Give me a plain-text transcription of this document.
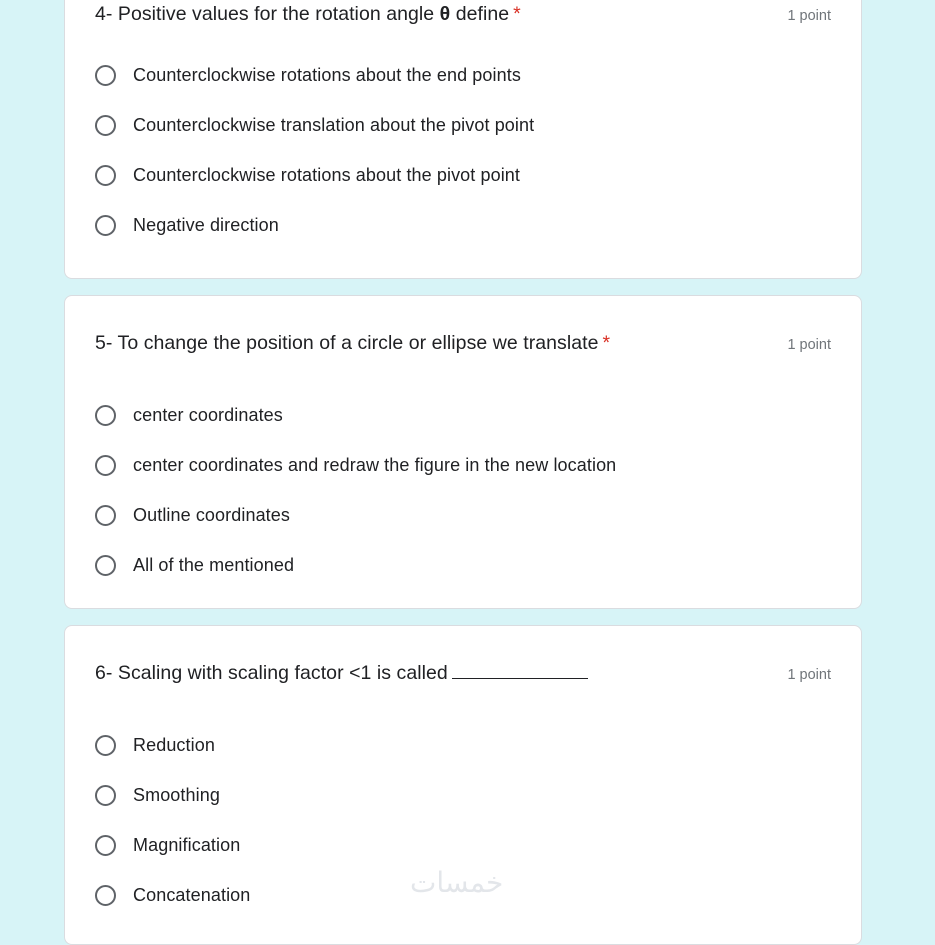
4- Positive values for the rotation angle θ define *	1 point
Counterclockwise rotations about the end points
Counterclockwise translation about the pivot point
Counterclockwise rotations about the pivot point
Negative direction
5- To change the position of a circle or ellipse we translate *	1 point
center coordinates
center coordinates and redraw the figure in the new location
Outline coordinates
All of the mentioned
6- Scaling with scaling factor <1 is called	1 point
Reduction
Smoothing
Magnification
Concatenation	خمسات
